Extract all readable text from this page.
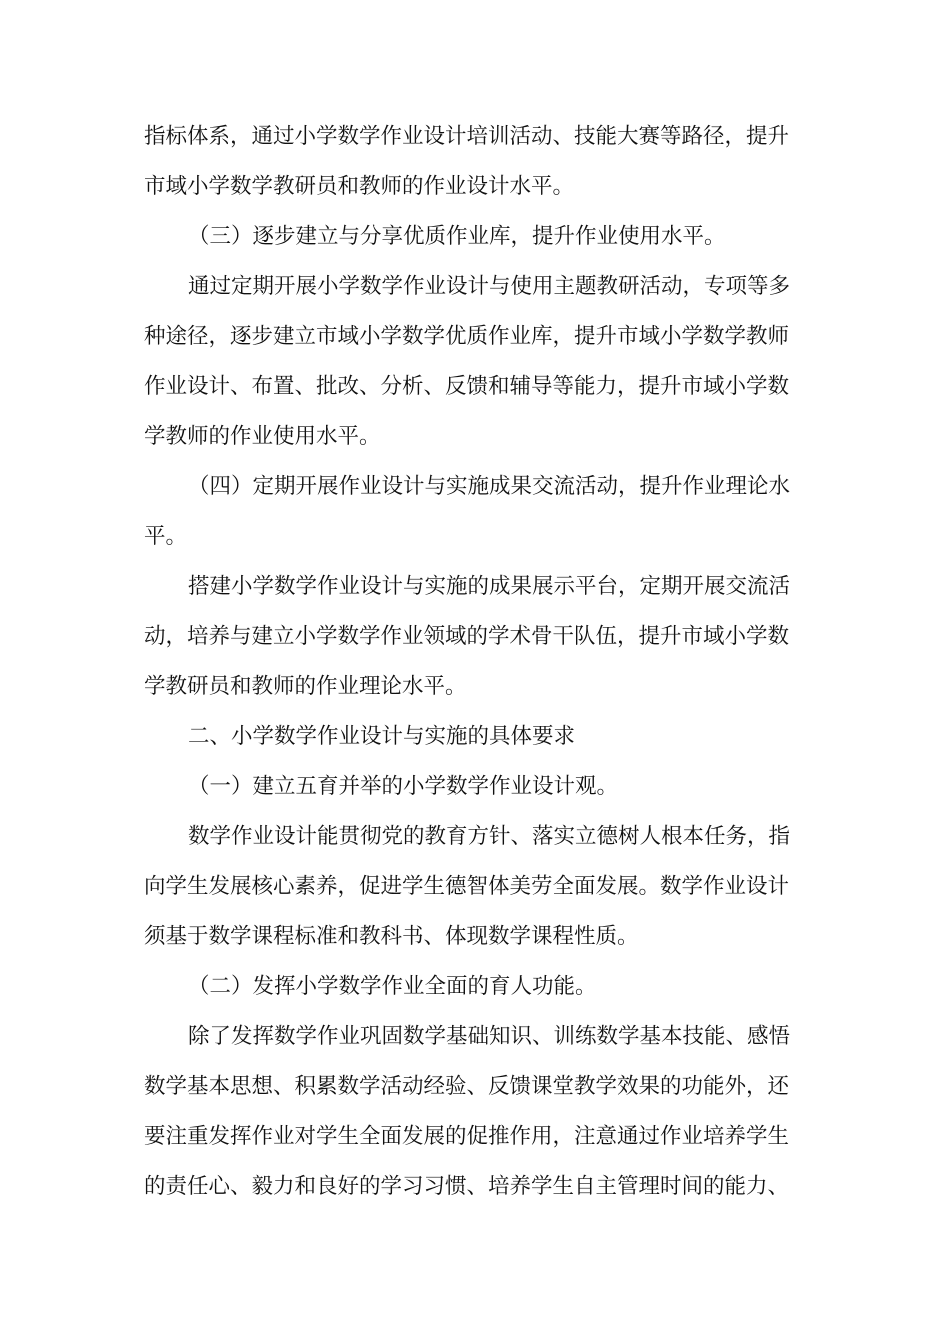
指标体系，通过小学数学作业设计培训活动、技能大赛等路径，提升
市域小学数学教研员和教师的作业设计水平。
（三）逐步建立与分享优质作业库，提升作业使用水平。
通过定期开展小学数学作业设计与使用主题教研活动，专项等多
种途径，逐步建立市域小学数学优质作业库，提升市域小学数学教师
作业设计、布置、批改、分析、反馈和辅导等能力，提升市域小学数
学教师的作业使用水平。
（四）定期开展作业设计与实施成果交流活动，提升作业理论水
平。
搭建小学数学作业设计与实施的成果展示平台，定期开展交流活
动，培养与建立小学数学作业领域的学术骨干队伍，提升市域小学数
学教研员和教师的作业理论水平。
二、小学数学作业设计与实施的具体要求
（一）建立五育并举的小学数学作业设计观。
数学作业设计能贯彻党的教育方针、落实立德树人根本任务，指
向学生发展核心素养，促进学生德智体美劳全面发展。数学作业设计
须基于数学课程标准和教科书、体现数学课程性质。
（二）发挥小学数学作业全面的育人功能。
除了发挥数学作业巩固数学基础知识、训练数学基本技能、感悟
数学基本思想、积累数学活动经验、反馈课堂教学效果的功能外，还
要注重发挥作业对学生全面发展的促推作用，注意通过作业培养学生
的责任心、毅力和良好的学习习惯、培养学生自主管理时间的能力、
